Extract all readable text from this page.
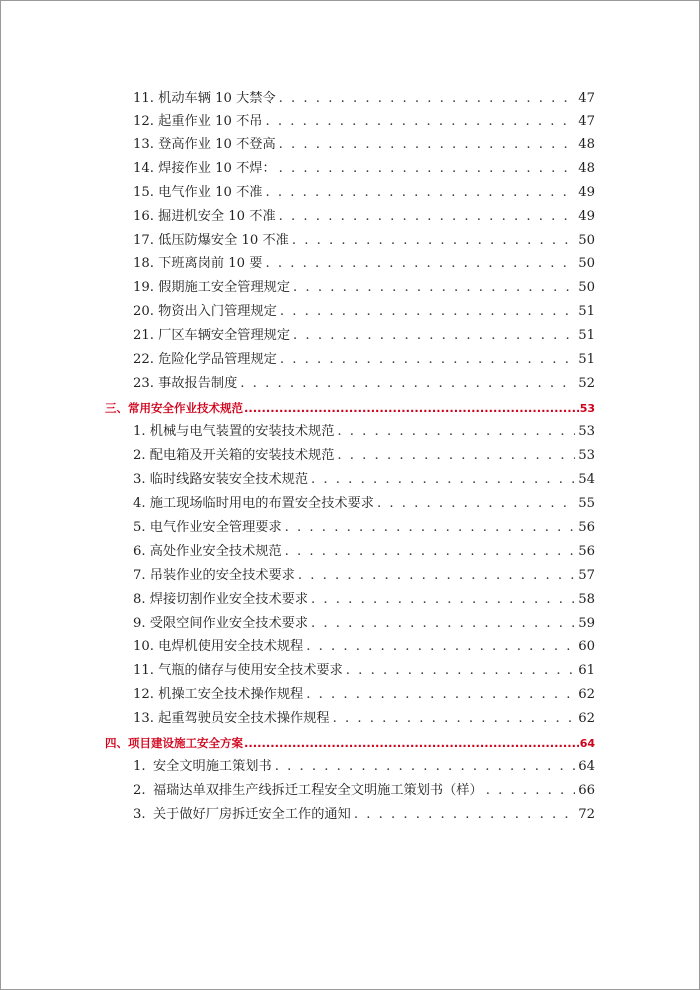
11. 机动车辆 10 大禁令 . . .	47
12. 起重作业 10 不吊 . . .	47
13. 登高作业 10 不登高 . . .	48
14. 焊接作业 10 不焊： . . .	48
15. 电气作业 10 不准 . . .	49
16. 掘进机安全 10 不准 . . .	49
17. 低压防爆安全 10 不准 . . .	50
18. 下班离岗前 10 要 . . .	50
19. 假期施工安全管理规定 . . .	50
20. 物资出入门管理规定 . . .	51
21. 厂区车辆安全管理规定 . . .	51
22. 危险化学品管理规定 . . .	51
23. 事故报告制度 . . .	52
三、常用安全作业技术规范 .....	53
1. 机械与电气装置的安装技术规范 . . .	53
2. 配电箱及开关箱的安装技术规范 . . .	53
3. 临时线路安装安全技术规范 . . .	54
4. 施工现场临时用电的布置安全技术要求 . . .	55
5. 电气作业安全管理要求 . . .	56
6. 高处作业安全技术规范 . . .	56
7. 吊装作业的安全技术要求 . . .	57
8. 焊接切割作业安全技术要求 . . .	58
9. 受限空间作业安全技术要求 . . .	59
10. 电焊机使用安全技术规程 . . .	60
11. 气瓶的储存与使用安全技术要求 . . .	61
12. 机操工安全技术操作规程 . . .	62
13. 起重驾驶员安全技术操作规程 . . .	62
四、项目建设施工安全方案 .....	64
1. 安全文明施工策划书 . . .	64
2. 福瑞达单双排生产线拆迁工程安全文明施工策划书（样） . . .	66
3. 关于做好厂房拆迁安全工作的通知 . . .	72
